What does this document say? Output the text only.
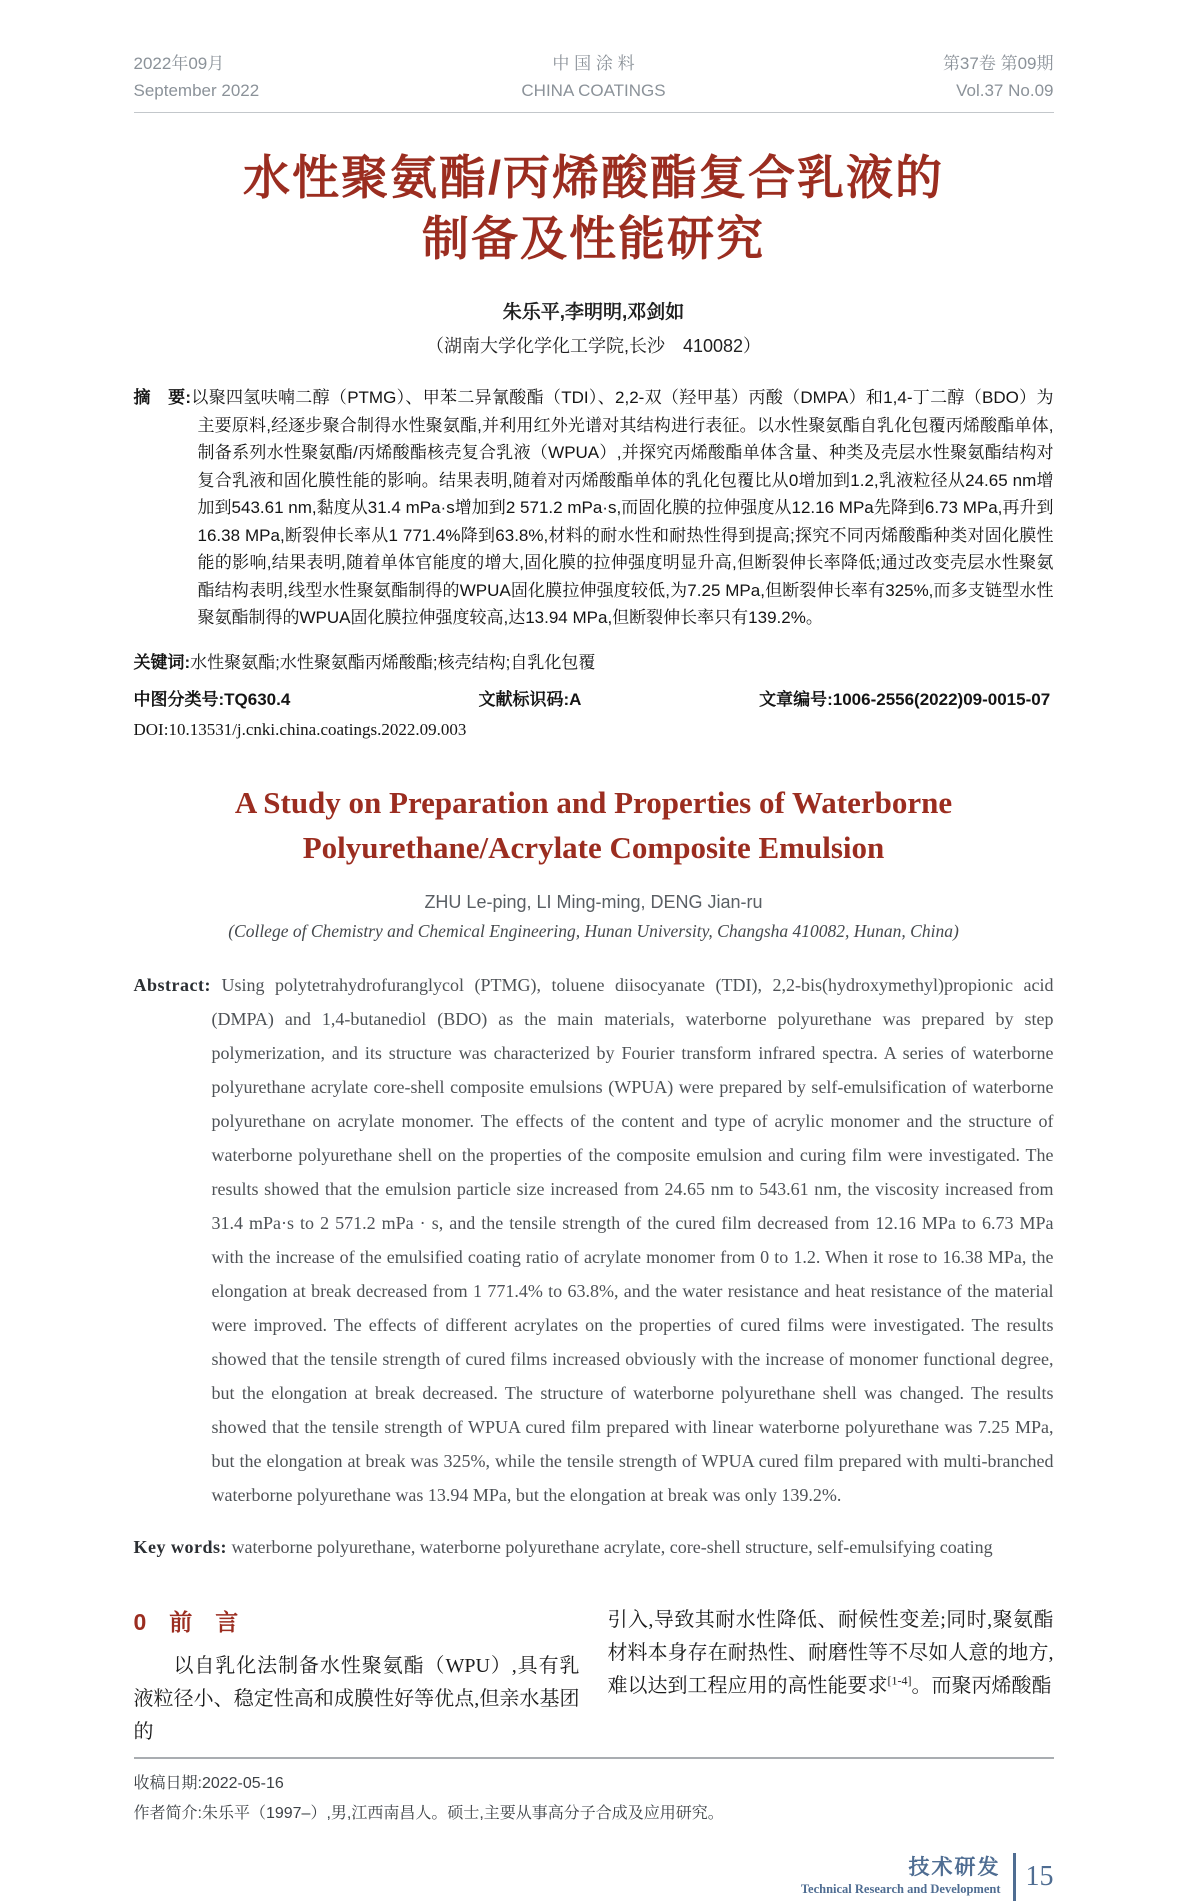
2022年09月
September 2022
中 国 涂 料
CHINA COATINGS
第37卷 第09期
Vol.37 No.09
水性聚氨酯/丙烯酸酯复合乳液的
制备及性能研究
朱乐平,李明明,邓剑如
（湖南大学化学化工学院,长沙　410082）

摘　要:以聚四氢呋喃二醇（PTMG）、甲苯二异氰酸酯（TDI）、2,2-双（羟甲基）丙酸（DMPA）和1,4-丁二醇（BDO）为主要原料,经逐步聚合制得水性聚氨酯,并利用红外光谱对其结构进行表征。以水性聚氨酯自乳化包覆丙烯酸酯单体,制备系列水性聚氨酯/丙烯酸酯核壳复合乳液（WPUA）,并探究丙烯酸酯单体含量、种类及壳层水性聚氨酯结构对复合乳液和固化膜性能的影响。结果表明,随着对丙烯酸酯单体的乳化包覆比从0增加到1.2,乳液粒径从24.65 nm增加到543.61 nm,黏度从31.4 mPa·s增加到2 571.2 mPa·s,而固化膜的拉伸强度从12.16 MPa先降到6.73 MPa,再升到16.38 MPa,断裂伸长率从1 771.4%降到63.8%,材料的耐水性和耐热性得到提高;探究不同丙烯酸酯种类对固化膜性能的影响,结果表明,随着单体官能度的增大,固化膜的拉伸强度明显升高,但断裂伸长率降低;通过改变壳层水性聚氨酯结构表明,线型水性聚氨酯制得的WPUA固化膜拉伸强度较低,为7.25 MPa,但断裂伸长率有325%,而多支链型水性聚氨酯制得的WPUA固化膜拉伸强度较高,达13.94 MPa,但断裂伸长率只有139.2%。

关键词:水性聚氨酯;水性聚氨酯丙烯酸酯;核壳结构;自乳化包覆

中图分类号:TQ630.4	文献标识码:A	文章编号:1006-2556(2022)09-0015-07
DOI:10.13531/j.cnki.china.coatings.2022.09.003
A Study on Preparation and Properties of Waterborne
Polyurethane/Acrylate Composite Emulsion
ZHU Le-ping, LI Ming-ming, DENG Jian-ru
(College of Chemistry and Chemical Engineering, Hunan University, Changsha 410082, Hunan, China)

Abstract: Using polytetrahydrofuranglycol (PTMG), toluene diisocyanate (TDI), 2,2-bis(hydroxymethyl)propionic acid (DMPA) and 1,4-butanediol (BDO) as the main materials, waterborne polyurethane was prepared by step polymerization, and its structure was characterized by Fourier transform infrared spectra. A series of waterborne polyurethane acrylate core-shell composite emulsions (WPUA) were prepared by self-emulsification of waterborne polyurethane on acrylate monomer. The effects of the content and type of acrylic monomer and the structure of waterborne polyurethane shell on the properties of the composite emulsion and curing film were investigated. The results showed that the emulsion particle size increased from 24.65 nm to 543.61 nm, the viscosity increased from 31.4 mPa·s to 2 571.2 mPa · s, and the tensile strength of the cured film decreased from 12.16 MPa to 6.73 MPa with the increase of the emulsified coating ratio of acrylate monomer from 0 to 1.2. When it rose to 16.38 MPa, the elongation at break decreased from 1 771.4% to 63.8%, and the water resistance and heat resistance of the material were improved. The effects of different acrylates on the properties of cured films were investigated. The results showed that the tensile strength of cured films increased obviously with the increase of monomer functional degree, but the elongation at break decreased. The structure of waterborne polyurethane shell was changed. The results showed that the tensile strength of WPUA cured film prepared with linear waterborne polyurethane was 7.25 MPa, but the elongation at break was 325%, while the tensile strength of WPUA cured film prepared with multi-branched waterborne polyurethane was 13.94 MPa, but the elongation at break was only 139.2%.

Key words: waterborne polyurethane, waterborne polyurethane acrylate, core-shell structure, self-emulsifying coating

0　前　言

以自乳化法制备水性聚氨酯（WPU）,具有乳液粒径小、稳定性高和成膜性好等优点,但亲水基团的

引入,导致其耐水性降低、耐候性变差;同时,聚氨酯材料本身存在耐热性、耐磨性等不尽如人意的地方,难以达到工程应用的高性能要求[1-4]。而聚丙烯酸酯

收稿日期:2022-05-16
作者简介:朱乐平（1997–）,男,江西南昌人。硕士,主要从事高分子合成及应用研究。
技术研发
Technical Research and Development 15
